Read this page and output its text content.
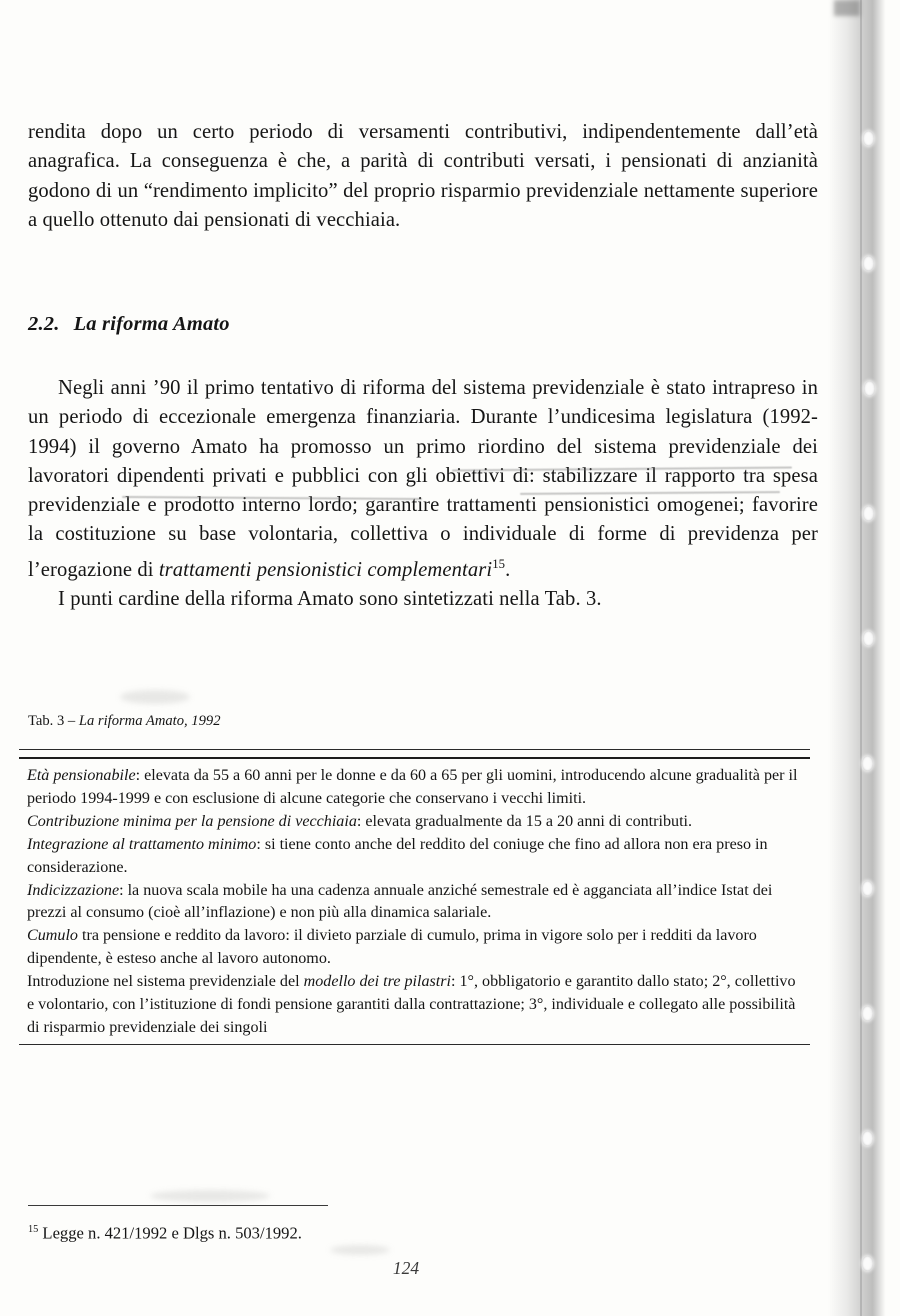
rendita dopo un certo periodo di versamenti contributivi, indipendentemente dall’età anagrafica. La conseguenza è che, a parità di contributi versati, i pensionati di anzianità godono di un “rendimento implicito” del proprio risparmio previdenziale nettamente superiore a quello ottenuto dai pensionati di vecchiaia.

2.2. La riforma Amato

Negli anni ’90 il primo tentativo di riforma del sistema previdenziale è stato intrapreso in un periodo di eccezionale emergenza finanziaria. Durante l’undicesima legislatura (1992-1994) il governo Amato ha promosso un primo riordino del sistema previdenziale dei lavoratori dipendenti privati e pubblici con gli obiettivi di: stabilizzare il rapporto tra spesa previdenziale e prodotto interno lordo; garantire trattamenti pensionistici omogenei; favorire la costituzione su base volontaria, collettiva o individuale di forme di previdenza per l’erogazione di trattamenti pensionistici complementari$^{15}$.

I punti cardine della riforma Amato sono sintetizzati nella Tab. 3.

Tab. 3 – La riforma Amato, 1992

Età pensionabile: elevata da 55 a 60 anni per le donne e da 60 a 65 per gli uomini, introducendo alcune gradualità per il periodo 1994-1999 e con esclusione di alcune categorie che conservano i vecchi limiti.

Contribuzione minima per la pensione di vecchiaia: elevata gradualmente da 15 a 20 anni di contributi.

Integrazione al trattamento minimo: si tiene conto anche del reddito del coniuge che fino ad allora non era preso in considerazione.

Indicizzazione: la nuova scala mobile ha una cadenza annuale anziché semestrale ed è agganciata all’indice Istat dei prezzi al consumo (cioè all’inflazione) e non più alla dinamica salariale.

Cumulo tra pensione e reddito da lavoro: il divieto parziale di cumulo, prima in vigore solo per i redditi da lavoro dipendente, è esteso anche al lavoro autonomo.

Introduzione nel sistema previdenziale del modello dei tre pilastri: 1°, obbligatorio e garantito dallo stato; 2°, collettivo e volontario, con l’istituzione di fondi pensione garantiti dalla contrattazione; 3°, individuale e collegato alle possibilità di risparmio previdenziale dei singoli

$^{15}$ Legge n. 421/1992 e Dlgs n. 503/1992.
124
